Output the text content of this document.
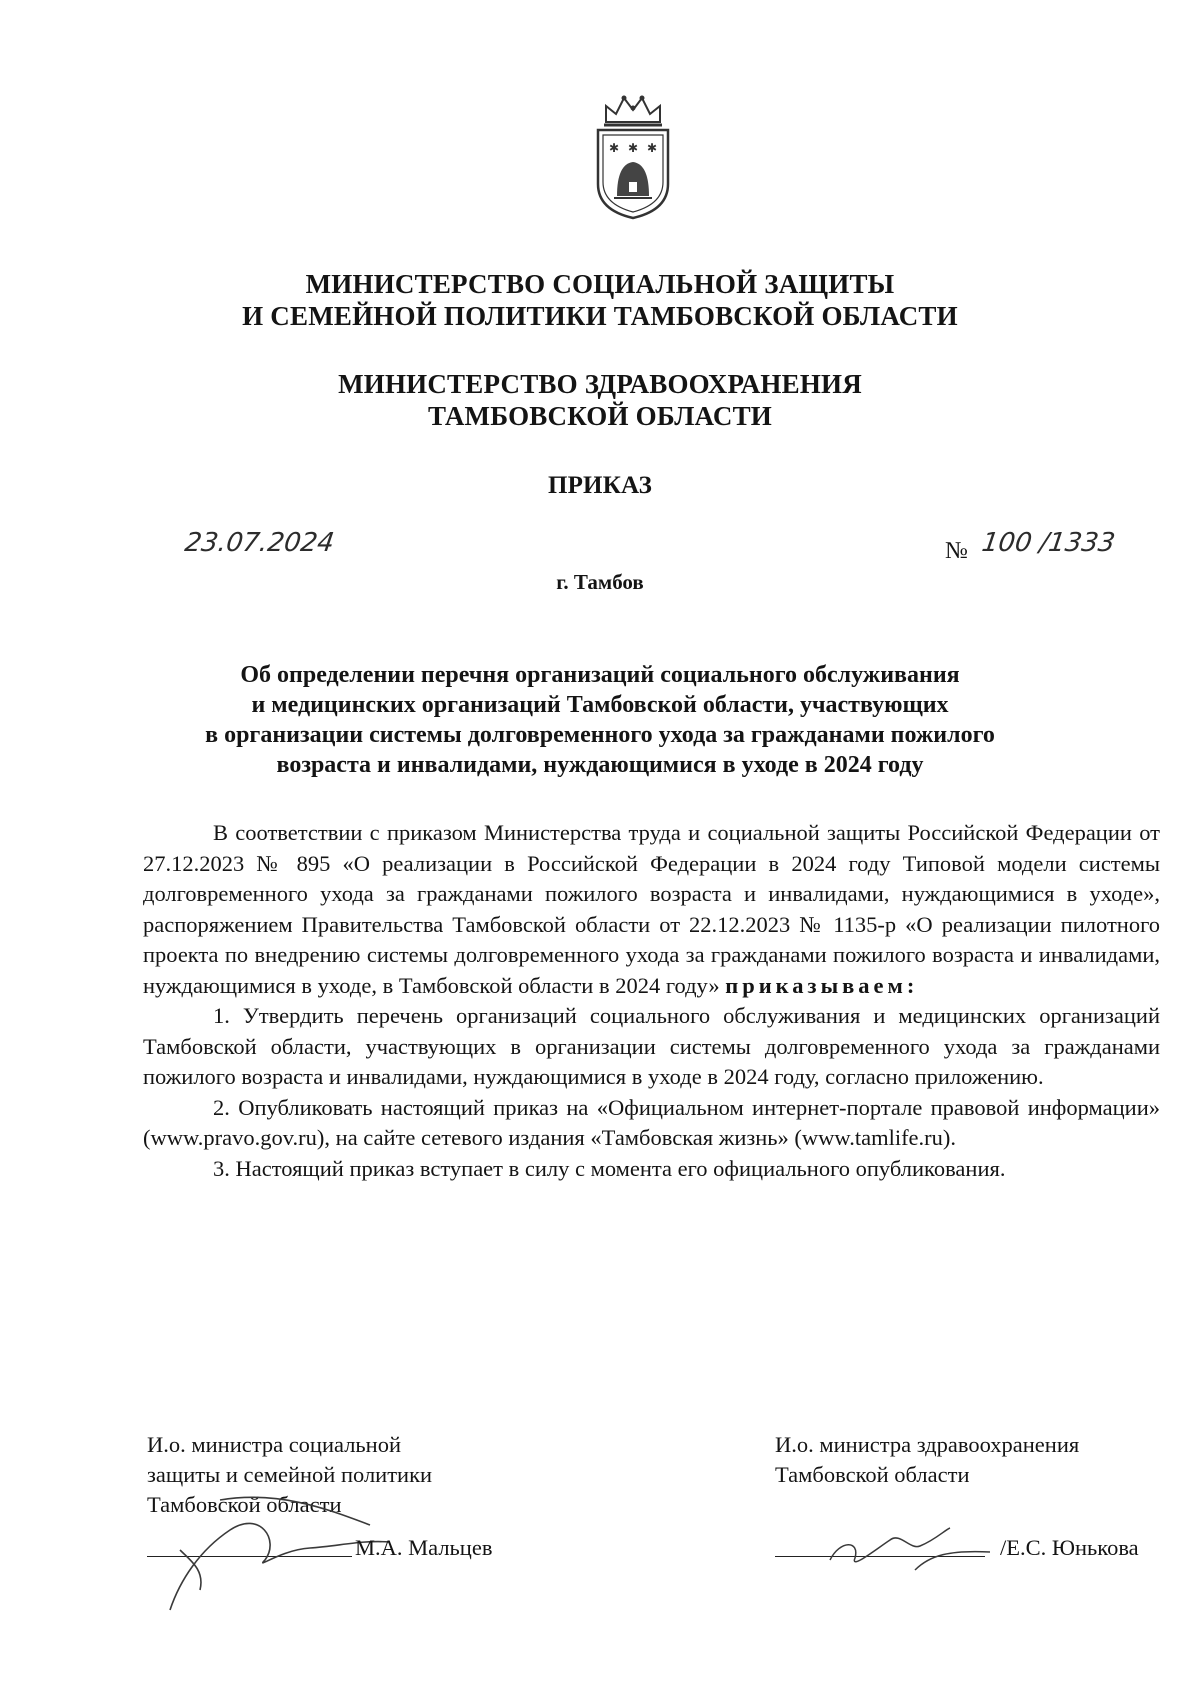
✱ ✱ ✱
МИНИСТЕРСТВО СОЦИАЛЬНОЙ ЗАЩИТЫ
И СЕМЕЙНОЙ ПОЛИТИКИ ТАМБОВСКОЙ ОБЛАСТИ
МИНИСТЕРСТВО ЗДРАВООХРАНЕНИЯ
ТАМБОВСКОЙ ОБЛАСТИ
ПРИКАЗ
23.07.2024	№ 100 /1333
г. Тамбов
Об определении перечня организаций социального обслуживания
и медицинских организаций Тамбовской области, участвующих
в организации системы долговременного ухода за гражданами пожилого
возраста и инвалидами, нуждающимися в уходе в 2024 году

В соответствии с приказом Министерства труда и социальной защиты Российской Федерации от 27.12.2023 № 895 «О реализации в Российской Федерации в 2024 году Типовой модели системы долговременного ухода за гражданами пожилого возраста и инвалидами, нуждающимися в уходе», распоряжением Правительства Тамбовской области от 22.12.2023 № 1135-р «О реализации пилотного проекта по внедрению системы долговременного ухода за гражданами пожилого возраста и инвалидами, нуждающимися в уходе, в Тамбовской области в 2024 году» приказываем:

1. Утвердить перечень организаций социального обслуживания и медицинских организаций Тамбовской области, участвующих в организации системы долговременного ухода за гражданами пожилого возраста и инвалидами, нуждающимися в уходе в 2024 году, согласно приложению.

2. Опубликовать настоящий приказ на «Официальном интернет-портале правовой информации» (www.pravo.gov.ru), на сайте сетевого издания «Тамбовская жизнь» (www.tamlife.ru).

3. Настоящий приказ вступает в силу с момента его официального опубликования.

И.о. министра социальной
защиты и семейной политики
Тамбовской области
М.А. Мальцев
И.о. министра здравоохранения
Тамбовской области
/Е.С. Юнькова
